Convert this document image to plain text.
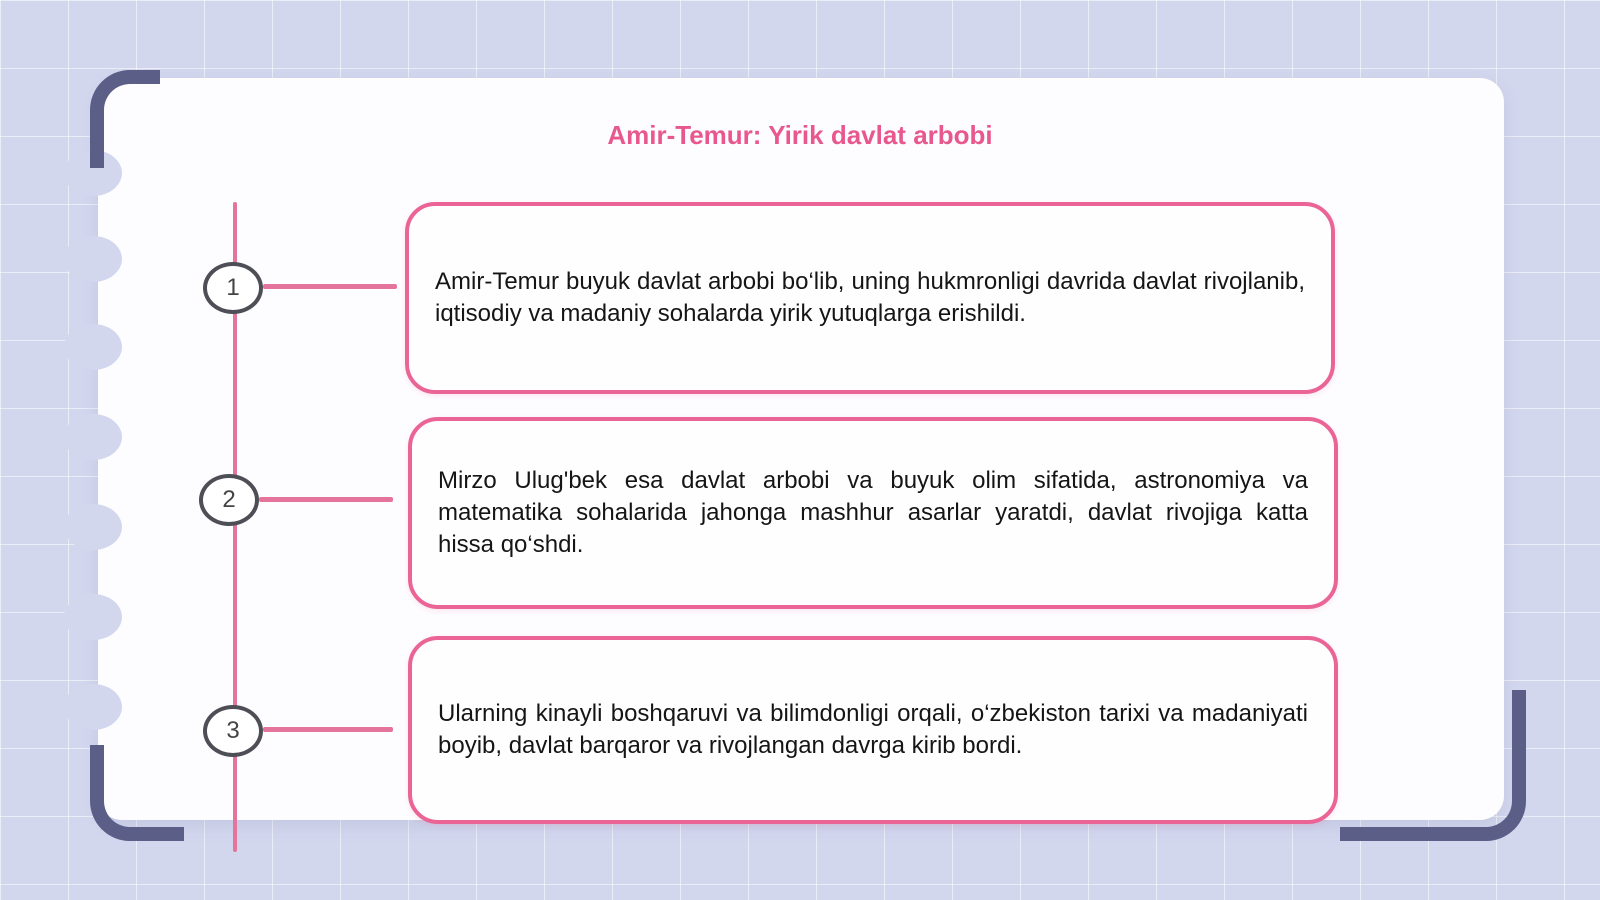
Amir-Temur: Yirik davlat arbobi
1	Amir-Temur buyuk davlat arbobi bo‘lib, uning hukmronligi davrida davlat rivojlanib, iqtisodiy va madaniy sohalarda yirik yutuqlarga erishildi.
2
Mirzo Ulug'bek esa davlat arbobi va buyuk olim sifatida, astronomiya va matematika sohalarida jahonga mashhur asarlar yaratdi, davlat rivojiga katta hissa qo‘shdi.
3
Ularning kinayli boshqaruvi va bilimdonligi orqali, o‘zbekiston tarixi va madaniyati boyib, davlat barqaror va rivojlangan davrga kirib bordi.
